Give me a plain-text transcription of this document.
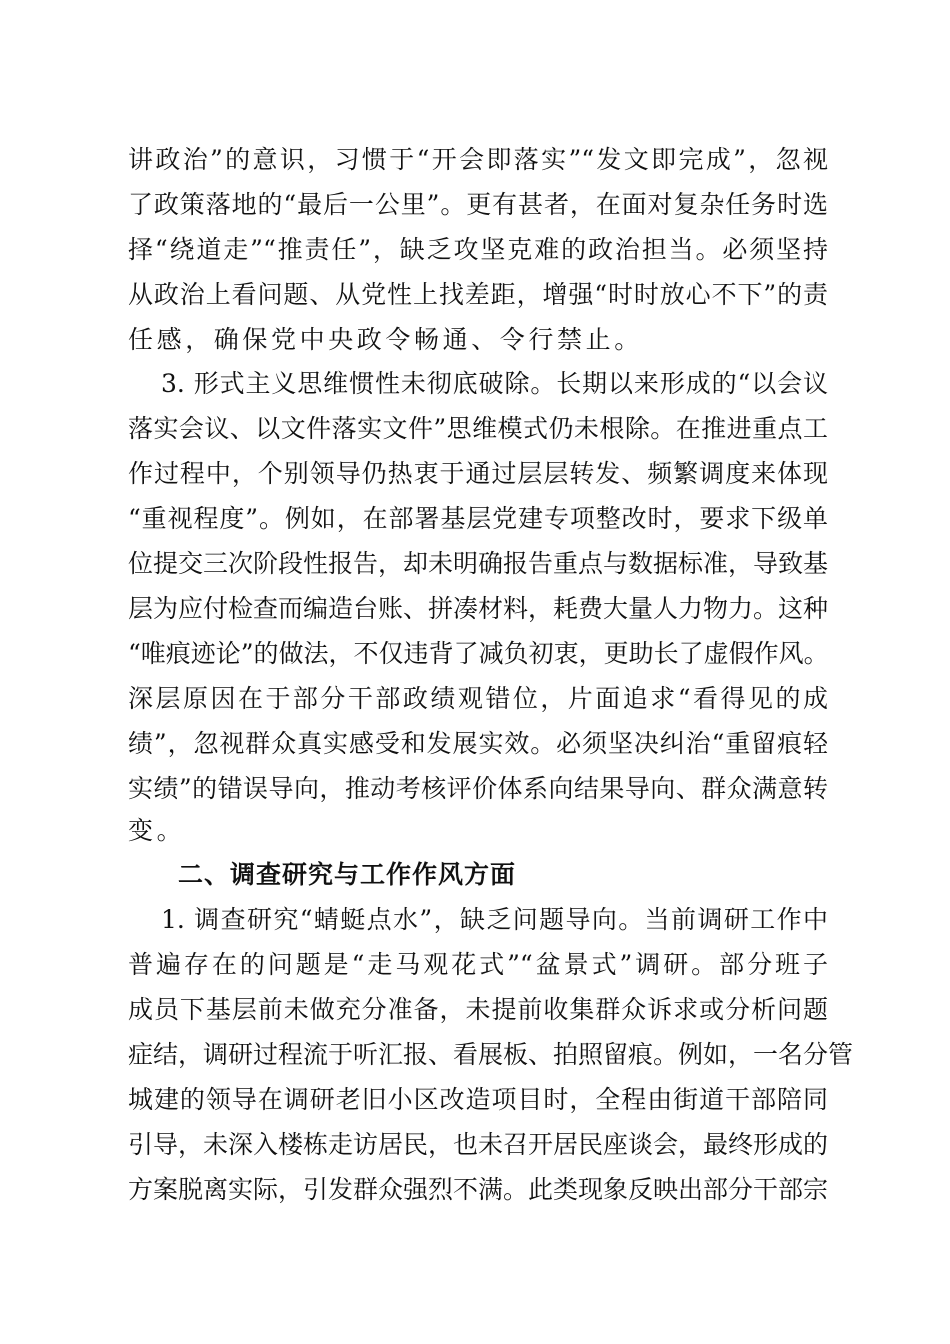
讲政治”的意识，习惯于“开会即落实”“发文即完成”，忽视
了政策落地的“最后一公里”。更有甚者，在面对复杂任务时选
择“绕道走”“推责任”，缺乏攻坚克难的政治担当。必须坚持
从政治上看问题、从党性上找差距，增强“时时放心不下”的责
任感，确保党中央政令畅通、令行禁止。
3. 形式主义思维惯性未彻底破除。长期以来形成的“以会议
落实会议、以文件落实文件”思维模式仍未根除。在推进重点工
作过程中，个别领导仍热衷于通过层层转发、频繁调度来体现
“重视程度”。例如，在部署基层党建专项整改时，要求下级单
位提交三次阶段性报告，却未明确报告重点与数据标准，导致基
层为应付检查而编造台账、拼凑材料，耗费大量人力物力。这种
“唯痕迹论”的做法，不仅违背了减负初衷，更助长了虚假作风。
深层原因在于部分干部政绩观错位，片面追求“看得见的成
绩”，忽视群众真实感受和发展实效。必须坚决纠治“重留痕轻
实绩”的错误导向，推动考核评价体系向结果导向、群众满意转
变。
二、调查研究与工作作风方面
1. 调查研究“蜻蜓点水”，缺乏问题导向。当前调研工作中
普遍存在的问题是“走马观花式”“盆景式”调研。部分班子
成员下基层前未做充分准备，未提前收集群众诉求或分析问题
症结，调研过程流于听汇报、看展板、拍照留痕。例如，一名分管
城建的领导在调研老旧小区改造项目时，全程由街道干部陪同
引导，未深入楼栋走访居民，也未召开居民座谈会，最终形成的
方案脱离实际，引发群众强烈不满。此类现象反映出部分干部宗
